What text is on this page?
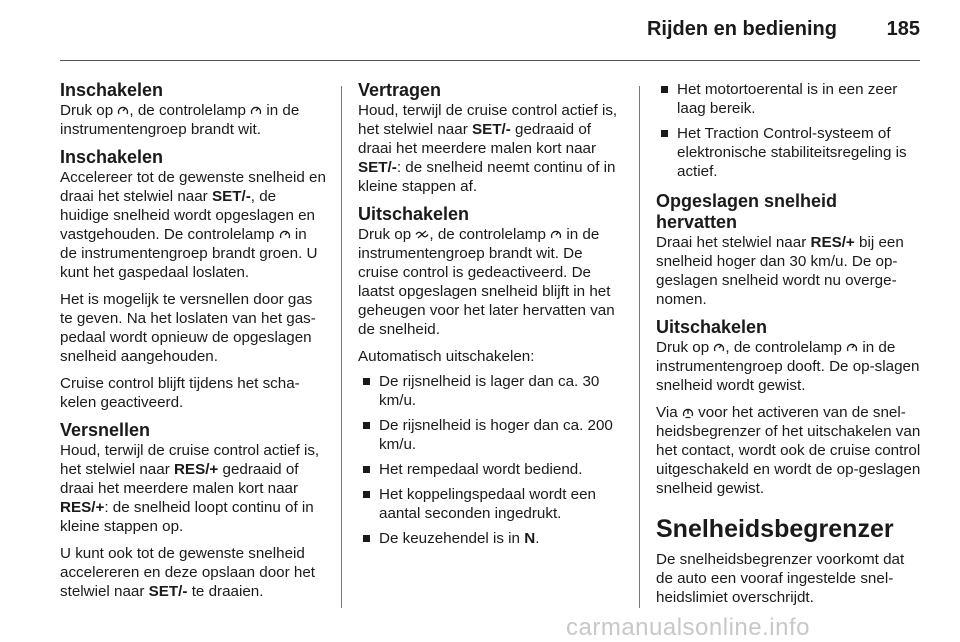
Rijden en bediening 185
Inschakelen

Druk op
, de controlelamp
in de instrumentengroep brandt wit.

Inschakelen

Accelereer tot de gewenste snelheid en draai het stelwiel naar SET/-, de huidige snelheid wordt opgeslagen en vastgehouden. De controlelamp
in de instrumentengroep brandt groen. U kunt het gaspedaal loslaten.

Het is mogelijk te versnellen door gas te geven. Na het loslaten van het gas-pedaal wordt opnieuw de opgeslagen snelheid aangehouden.

Cruise control blijft tijdens het scha-kelen geactiveerd.

Versnellen

Houd, terwijl de cruise control actief is, het stelwiel naar RES/+ gedraaid of draai het meerdere malen kort naar RES/+: de snelheid loopt continu of in kleine stappen op.

U kunt ook tot de gewenste snelheid accelereren en deze opslaan door het stelwiel naar SET/- te draaien.

Vertragen

Houd, terwijl de cruise control actief is, het stelwiel naar SET/- gedraaid of draai het meerdere malen kort naar SET/-: de snelheid neemt continu of in kleine stappen af.

Uitschakelen

Druk op
, de controlelamp
in de instrumentengroep brandt wit. De cruise control is gedeactiveerd. De laatst opgeslagen snelheid blijft in het geheugen voor het later hervatten van de snelheid.

Automatisch uitschakelen:

De rijsnelheid is lager dan ca. 30 km/u.
De rijsnelheid is hoger dan ca. 200 km/u.
Het rempedaal wordt bediend.
Het koppelingspedaal wordt een aantal seconden ingedrukt.
De keuzehendel is in N.
Het motortoerental is in een zeer laag bereik.
Het Traction Control-systeem of elektronische stabiliteitsregeling is actief.
Opgeslagen snelheid hervatten

Draai het stelwiel naar RES/+ bij een snelheid hoger dan 30 km/u. De op-geslagen snelheid wordt nu overge-nomen.

Uitschakelen

Druk op
, de controlelamp
in de instrumentengroep dooft. De op-slagen snelheid wordt gewist.

Via
voor het activeren van de snel-heidsbegrenzer of het uitschakelen van het contact, wordt ook de cruise control uitgeschakeld en wordt de op-geslagen snelheid gewist.

Snelheidsbegrenzer

De snelheidsbegrenzer voorkomt dat de auto een vooraf ingestelde snel-heidslimiet overschrijdt.

carmanualsonline.info
